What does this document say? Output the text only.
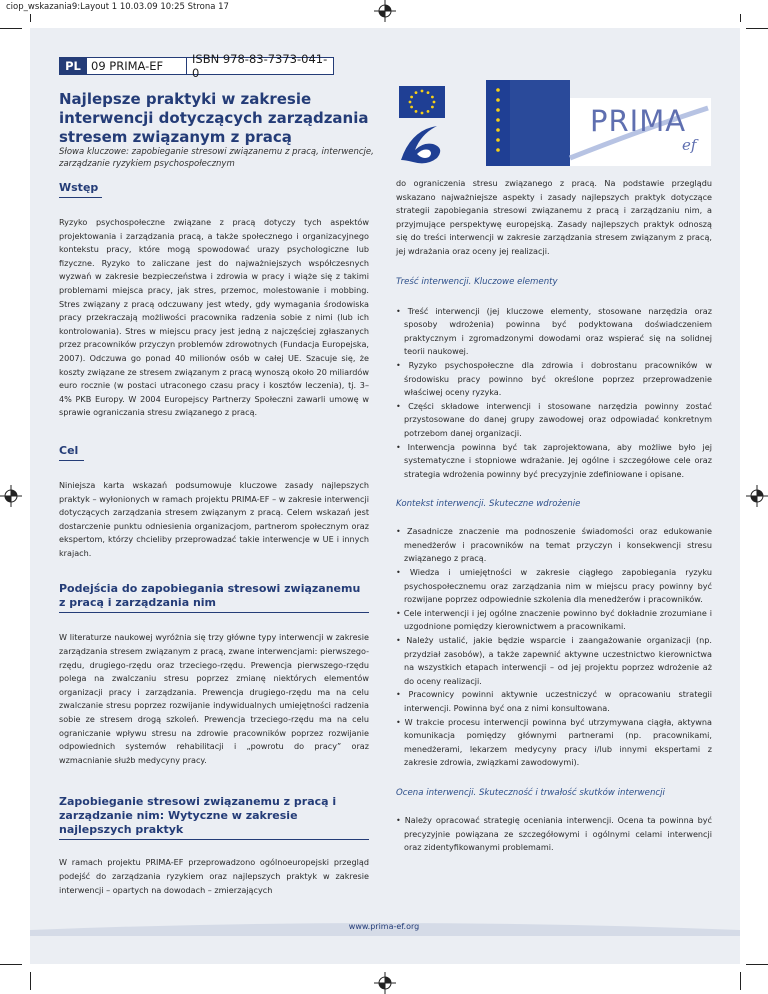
ciop_wskazania9:Layout 1 10.03.09 10:25 Strona 17
PL 09 PRIMA-EF	ISBN 978-83-7373-041-0
Najlepsze praktyki w zakresie interwencji dotyczących zarządzania stresem związanym z pracą

Słowa kluczowe: zapobieganie stresowi związanemu z pracą, interwencje, zarządzanie ryzykiem psychospołecznym

PRIMA
ef
Wstęp

Ryzyko psychospołeczne związane z pracą dotyczy tych aspektów projektowania i zarządzania pracą, a także społecznego i organizacyjnego kontekstu pracy, które mogą spowodować urazy psychologiczne lub fizyczne. Ryzyko to zaliczane jest do najważniejszych współczesnych wyzwań w zakresie bezpieczeństwa i zdrowia w pracy i wiąże się z takimi problemami miejsca pracy, jak stres, przemoc, molestowanie i mobbing. Stres związany z pracą odczuwany jest wtedy, gdy wymagania środowiska pracy przekraczają możliwości pracownika radzenia sobie z nimi (lub ich kontrolowania). Stres w miejscu pracy jest jedną z najczęściej zgłaszanych przez pracowników przyczyn problemów zdrowotnych (Fundacja Europejska, 2007). Odczuwa go ponad 40 milionów osób w całej UE. Szacuje się, że koszty związane ze stresem związanym z pracą wynoszą około 20 miliardów euro rocznie (w postaci utraconego czasu pracy i kosztów leczenia), tj. 3–4% PKB Europy. W 2004 Europejscy Partnerzy Społeczni zawarli umowę w sprawie ograniczania stresu związanego z pracą.

Cel

Niniejsza karta wskazań podsumowuje kluczowe zasady najlepszych praktyk – wyłonionych w ramach projektu PRIMA-EF – w zakresie interwencji dotyczących zarządzania stresem związanym z pracą. Celem wskazań jest dostarczenie punktu odniesienia organizacjom, partnerom społecznym oraz ekspertom, którzy chcieliby przeprowadzać takie interwencje w UE i innych krajach.

Podejścia do zapobiegania stresowi związanemu z pracą i zarządzania nim

W literaturze naukowej wyróżnia się trzy główne typy interwencji w zakresie zarządzania stresem związanym z pracą, zwane interwencjami: pierwszego-rzędu, drugiego-rzędu oraz trzeciego-rzędu. Prewencja pierwszego-rzędu polega na zwalczaniu stresu poprzez zmianę niektórych elementów organizacji pracy i zarządzania. Prewencja drugiego-rzędu ma na celu zwalczanie stresu poprzez rozwijanie indywidualnych umiejętności radzenia sobie ze stresem drogą szkoleń. Prewencja trzeciego-rzędu ma na celu ograniczanie wpływu stresu na zdrowie pracowników poprzez rozwijanie odpowiednich systemów rehabilitacji i „powrotu do pracy” oraz wzmacnianie służb medycyny pracy.

Zapobieganie stresowi związanemu z pracą i zarządzanie nim: Wytyczne w zakresie najlepszych praktyk

W ramach projektu PRIMA-EF przeprowadzono ogólnoeuropejski przegląd podejść do zarządzania ryzykiem oraz najlepszych praktyk w zakresie interwencji – opartych na dowodach – zmierzających

do ograniczenia stresu związanego z pracą. Na podstawie przeglądu wskazano najważniejsze aspekty i zasady najlepszych praktyk dotyczące strategii zapobiegania stresowi związanemu z pracą i zarządzaniu nim, a przyjmujące perspektywę europejską. Zasady najlepszych praktyk odnoszą się do treści interwencji w zakresie zarządzania stresem związanym z pracą, jej wdrażania oraz oceny jej realizacji.

Treść interwencji. Kluczowe elementy
• Treść interwencji (jej kluczowe elementy, stosowane narzędzia oraz sposoby wdrożenia) powinna być podyktowana doświadczeniem praktycznym i zgromadzonymi dowodami oraz wspierać się na solidnej teorii naukowej.
• Ryzyko psychospołeczne dla zdrowia i dobrostanu pracowników w środowisku pracy powinno być określone poprzez przeprowadzenie właściwej oceny ryzyka.
• Części składowe interwencji i stosowane narzędzia powinny zostać przystosowane do danej grupy zawodowej oraz odpowiadać konkretnym potrzebom danej organizacji.
• Interwencja powinna być tak zaprojektowana, aby możliwe było jej systematyczne i stopniowe wdrażanie. Jej ogólne i szczegółowe cele oraz strategia wdrożenia powinny być precyzyjnie zdefiniowane i opisane.
Kontekst interwencji. Skuteczne wdrożenie
• Zasadnicze znaczenie ma podnoszenie świadomości oraz edukowanie menedżerów i pracowników na temat przyczyn i konsekwencji stresu związanego z pracą.
• Wiedza i umiejętności w zakresie ciągłego zapobiegania ryzyku psychospołecznemu oraz zarządzania nim w miejscu pracy powinny być rozwijane poprzez odpowiednie szkolenia dla menedżerów i pracowników.
• Cele interwencji i jej ogólne znaczenie powinno być dokładnie zrozumiane i uzgodnione pomiędzy kierownictwem a pracownikami.
• Należy ustalić, jakie będzie wsparcie i zaangażowanie organizacji (np. przydział zasobów), a także zapewnić aktywne uczestnictwo kierownictwa na wszystkich etapach interwencji – od jej projektu poprzez wdrożenie aż do oceny realizacji.
• Pracownicy powinni aktywnie uczestniczyć w opracowaniu strategii interwencji. Powinna być ona z nimi konsultowana.
• W trakcie procesu interwencji powinna być utrzymywana ciągła, aktywna komunikacja pomiędzy głównymi partnerami (np. pracownikami, menedżerami, lekarzem medycyny pracy i/lub innymi ekspertami z zakresie zdrowia, związkami zawodowymi).
Ocena interwencji. Skuteczność i trwałość skutków interwencji
• Należy opracować strategię oceniania interwencji. Ocena ta powinna być precyzyjnie powiązana ze szczegółowymi i ogólnymi celami interwencji oraz zidentyfikowanymi problemami.
www.prima-ef.org
